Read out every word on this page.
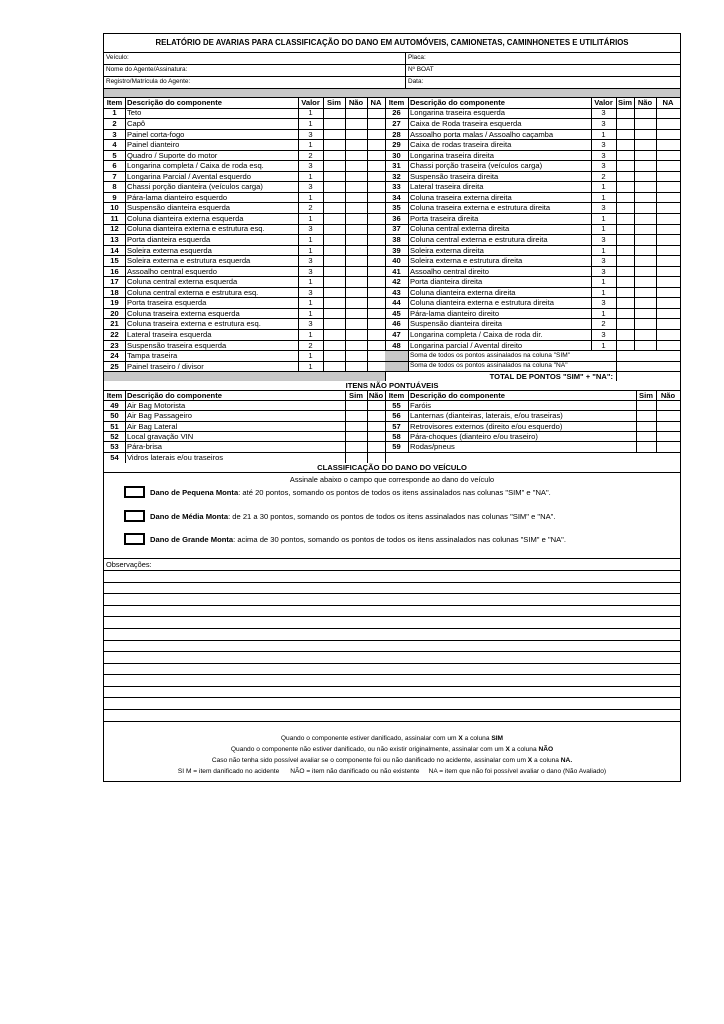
RELATÓRIO DE AVARIAS PARA CLASSIFICAÇÃO DO DANO EM AUTOMÓVEIS, CAMIONETAS, CAMINHONETES E UTILITÁRIOS
Veículo:	Placa:
Nome do Agente/Assinatura:	Nº BOAT
Registro/Matrícula do Agente:	Data:
Item Descrição do componente	Valor Sim	Não NA Item Descrição do componente	Valor Sim Não	NA
1	Teto	1	26	Longarina traseira esquerda	3
2	Capô	1	27	Caixa de Roda traseira esquerda	3
3	Painel corta-fogo	3	28	Assoalho porta malas / Assoalho caçamba	1
4	Painel dianteiro	1	29	Caixa de rodas traseira direita	3
5	Quadro / Suporte do motor	2	30	Longarina traseira direita	3
6	Longarina completa / Caixa de roda esq.	3	31	Chassi porção traseira (veículos carga)	3
7	Longarina Parcial / Avental esquerdo	1	32	Suspensão traseira direita	2
8	Chassi porção dianteira (veículos carga)	3	33	Lateral traseira direita	1
9	Pára-lama dianteiro esquerdo	1	34	Coluna traseira externa direita	1
10	Suspensão dianteira esquerda	2	35	Coluna traseira externa e estrutura direita	3
11	Coluna dianteira externa esquerda	1	36	Porta traseira direita	1
12	Coluna dianteira externa e estrutura esq.	3	37	Coluna central externa direita	1
13	Porta dianteira esquerda	1	38	Coluna central externa e estrutura direita	3
14	Soleira externa esquerda	1	39	Soleira externa direita	1
15	Soleira externa e estrutura esquerda	3	40	Soleira externa e estrutura direita	3
16	Assoalho central esquerdo	3	41	Assoalho central direito	3
17	Coluna central externa esquerda	1	42	Porta dianteira direita	1
18	Coluna central externa e estrutura esq.	3	43	Coluna dianteira externa direita	1
19	Porta traseira esquerda	1	44	Coluna dianteira externa e estrutura direita	3
20	Coluna traseira externa esquerda	1	45	Pára-lama dianteiro direito	1
21	Coluna traseira externa e estrutura esq.	3	46	Suspensão dianteira direita	2
22	Lateral traseira esquerda	1	47	Longarina completa / Caixa de roda dir.	3
23	Suspensão traseira esquerda	2	48	Longarina parcial / Avental direito	1
24	Tampa traseira	1	Soma de todos os pontos assinalados na coluna "SIM"
25	Painel traseiro / divisor	1	Soma de todos os pontos assinalados na coluna "NA"
TOTAL DE PONTOS "SIM" + "NA":
ITENS NÃO PONTUÁVEIS
Item Descrição do componente	Sim Não Item Descrição do componente	Sim	Não
49	Air Bag Motorista	55	Faróis
50	Air Bag Passageiro	56	Lanternas (dianteiras, laterais, e/ou traseiras)
51	Air Bag Lateral	57	Retrovisores externos (direito e/ou esquerdo)
52	Local gravação VIN	58	Pára-choques (dianteiro e/ou traseiro)
53	Pára-brisa	59	Rodas/pneus
54	Vidros laterais e/ou traseiros
CLASSIFICAÇÃO DO DANO DO VEÍCULO
Assinale abaixo o campo que corresponde ao dano do veículo
Dano de Pequena Monta: até 20 pontos, somando os pontos de todos os itens assinalados nas colunas "SIM" e "NA".
Dano de Média Monta: de 21 a 30 pontos, somando os pontos de todos os itens assinalados nas colunas "SIM" e "NA".
Dano de Grande Monta: acima de 30 pontos, somando os pontos de todos os itens assinalados nas colunas "SIM" e "NA".
Observações:
Quando o componente estiver danificado, assinalar com um X a coluna SIM
Quando o componente não estiver danificado, ou não existir originalmente, assinalar com um X a coluna NÃO
Caso não tenha sido possível avaliar se o componente foi ou não danificado no acidente, assinalar com um X a coluna NA.
SI M = item danificado no acidente      NÃO = item não danificado ou não existente     NA = item que não foi possível avaliar o dano (Não Avaliado)
